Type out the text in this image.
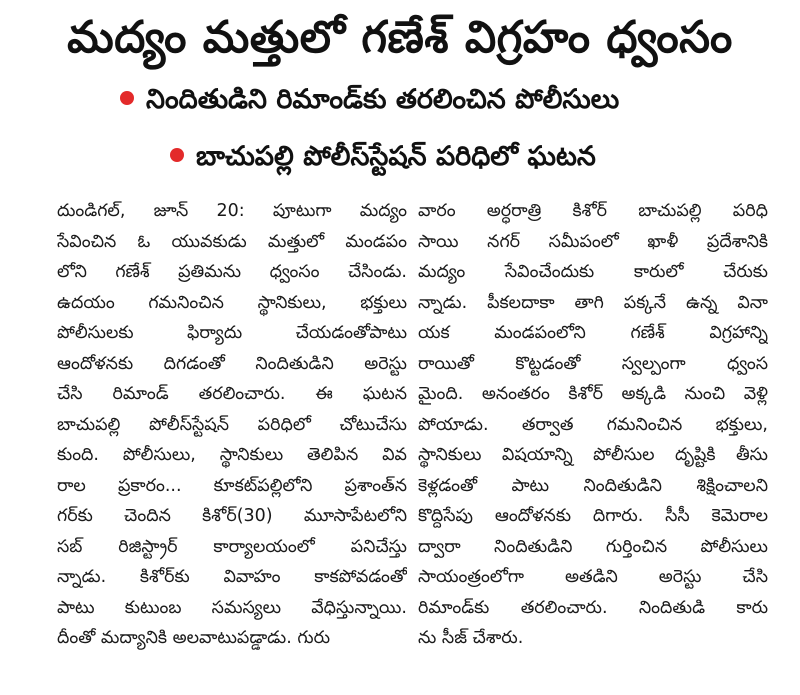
మద్యం మత్తులో గణేశ్ విగ్రహం ధ్వంసం
నిందితుడిని రిమాండ్‌కు తరలించిన పోలీసులు
బాచుపల్లి పోలీస్‌స్టేషన్ పరిధిలో ఘటన
దుండిగల్, జూన్ 20: పూటుగా మద్యం
సేవించిన ఓ యువకుడు మత్తులో మండపం
లోని గణేశ్ ప్రతిమను ధ్వంసం చేసిండు.
ఉదయం గమనించిన స్థానికులు, భక్తులు
పోలీసులకు ఫిర్యాదు చేయడంతోపాటు
ఆందోళనకు దిగడంతో నిందితుడిని అరెస్టు
చేసి రిమాండ్ తరలించారు. ఈ ఘటన
బాచుపల్లి పోలీస్‌స్టేషన్ పరిధిలో చోటుచేసు
కుంది. పోలీసులు, స్థానికులు తెలిపిన వివ
రాల ప్రకారం... కూకట్‌పల్లిలోని ప్రశాంత్‌న
గర్‌కు చెందిన కిశోర్(30) మూసాపేటలోని
సబ్ రిజిస్ట్రార్ కార్యాలయంలో పనిచేస్తు
న్నాడు. కిశోర్‌కు వివాహం కాకపోవడంతో
పాటు కుటుంబ సమస్యలు వేధిస్తున్నాయి.
దీంతో మద్యానికి అలవాటుపడ్డాడు. గురు
వారం అర్ధరాత్రి కిశోర్ బాచుపల్లి పరిధి
సాయి నగర్ సమీపంలో ఖాళీ ప్రదేశానికి
మద్యం సేవించేందుకు కారులో చేరుకు
న్నాడు. పీకలదాకా తాగి పక్కనే ఉన్న వినా
యక మండపంలోని గణేశ్ విగ్రహాన్ని
రాయితో కొట్టడంతో స్వల్పంగా ధ్వంస
మైంది. అనంతరం కిశోర్ అక్కడి నుంచి వెళ్లి
పోయాడు. తర్వాత గమనించిన భక్తులు,
స్థానికులు విషయాన్ని పోలీసుల దృష్టికి తీసు
కెళ్లడంతో పాటు నిందితుడిని శిక్షించాలని
కొద్దిసేపు ఆందోళనకు దిగారు. సీసీ కెమెరాల
ద్వారా నిందితుడిని గుర్తించిన పోలీసులు
సాయంత్రంలోగా అతడిని అరెస్టు చేసి
రిమాండ్‌కు తరలించారు. నిందితుడి కారు
ను సీజ్ చేశారు.
